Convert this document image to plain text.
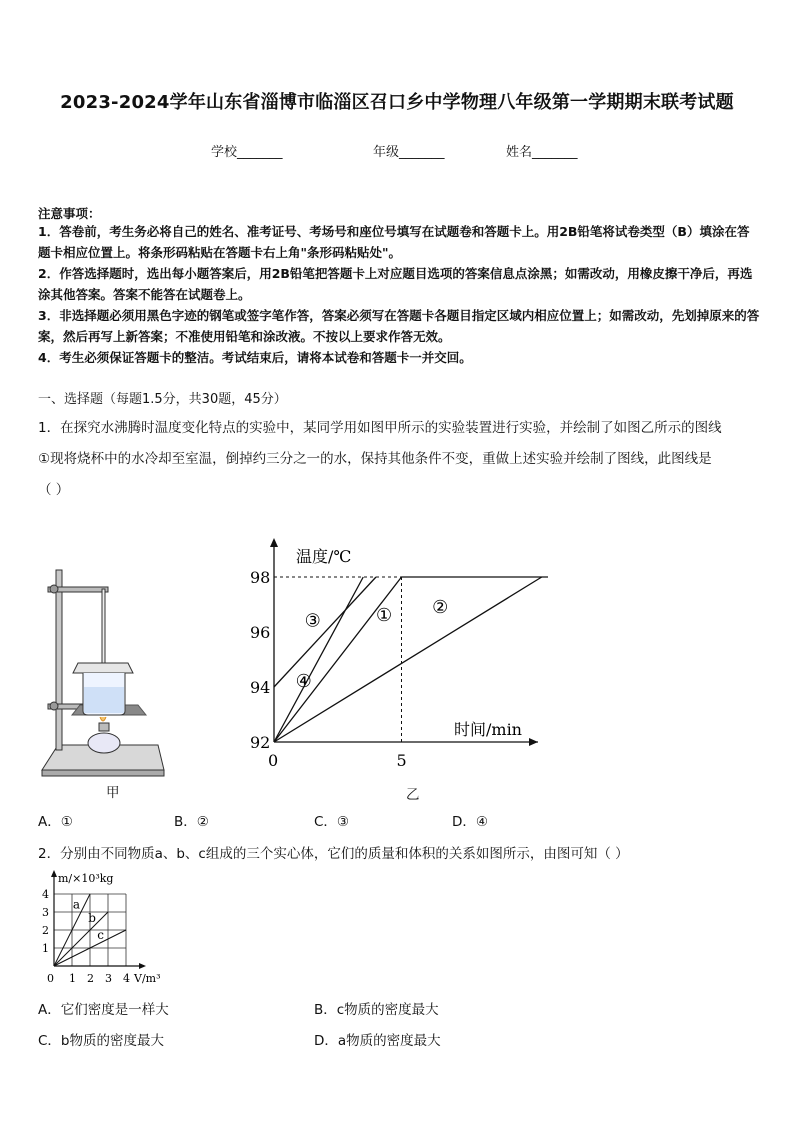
2023-2024学年山东省淄博市临淄区召口乡中学物理八年级第一学期期末联考试题
学校_______	年级_______	姓名_______
注意事项：
1．答卷前，考生务必将自己的姓名、准考证号、考场号和座位号填写在试题卷和答题卡上。用2B铅笔将试卷类型（B）填涂在答题卡相应位置上。将条形码粘贴在答题卡右上角"条形码粘贴处"。
2．作答选择题时，选出每小题答案后，用2B铅笔把答题卡上对应题目选项的答案信息点涂黑；如需改动，用橡皮擦干净后，再选涂其他答案。答案不能答在试题卷上。
3．非选择题必须用黑色字迹的钢笔或签字笔作答，答案必须写在答题卡各题目指定区域内相应位置上；如需改动，先划掉原来的答案，然后再写上新答案；不准使用铅笔和涂改液。不按以上要求作答无效。
4．考生必须保证答题卡的整洁。考试结束后，请将本试卷和答题卡一并交回。
一、选择题（每题1.5分，共30题，45分）
1．在探究水沸腾时温度变化特点的实验中，某同学用如图甲所示的实验装置进行实验，并绘制了如图乙所示的图线
①现将烧杯中的水冷却至室温，倒掉约三分之一的水，保持其他条件不变，重做上述实验并绘制了图线，此图线是
（ ）
甲
温度/℃
时间/min
92
94
96
98
0	5
① ②
③
④
乙
A．①	B．②	C．③	D．④
2．分别由不同物质a、b、c组成的三个实心体，它们的质量和体积的关系如图所示，由图可知（ ）
m/×10³kg
V/m³
1
2
3
4
0 1 2 3 4
a
b
c
A．它们密度是一样大	B．c物质的密度最大
C．b物质的密度最大	D．a物质的密度最大
